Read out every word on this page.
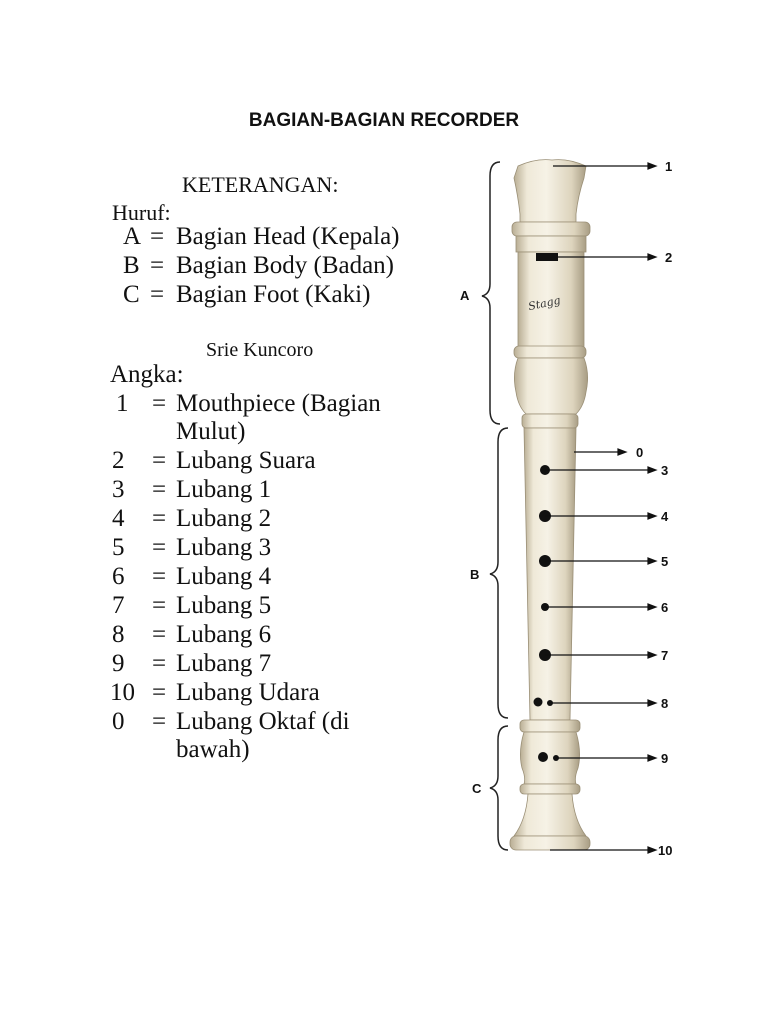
BAGIAN-BAGIAN RECORDER
KETERANGAN:
Huruf:
A = Bagian Head (Kepala)
B = Bagian Body (Badan)
C = Bagian Foot (Kaki)
Srie Kuncoro
Angka:
1 = Mouthpiece (Bagian
Mulut)
2 = Lubang Suara
3 = Lubang 1
4 = Lubang 2
5 = Lubang 3
6 = Lubang 4
7 = Lubang 5
8 = Lubang 6
9 = Lubang 7
10 = Lubang Udara
0 = Lubang Oktaf (di
bawah)
A
B
C
Stagg
1
2
0
3
4
5
6
7
8
9
10
